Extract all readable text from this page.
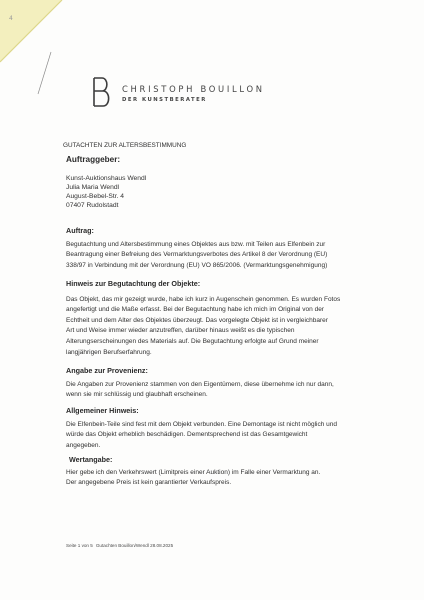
4
CHRISTOPH BOUILLON
DER KUNSTBERATER
GUTACHTEN ZUR ALTERSBESTIMMUNG
Auftraggeber:
Kunst-Auktionshaus Wendl
Julia Maria Wendl
August-Bebel-Str. 4
07407 Rudolstadt
Auftrag:
Begutachtung und Altersbestimmung eines Objektes aus bzw. mit Teilen aus Elfenbein zur
Beantragung einer Befreiung des Vermarktungsverbotes des Artikel 8 der Verordnung (EU)
338/97 in Verbindung mit der Verordnung (EU) VO 865/2006. (Vermarktungsgenehmigung)
Hinweis zur Begutachtung der Objekte:
Das Objekt, das mir gezeigt wurde, habe ich kurz in Augenschein genommen. Es wurden Fotos
angefertigt und die Maße erfasst. Bei der Begutachtung habe ich mich im Original von der
Echtheit und dem Alter des Objektes überzeugt. Das vorgelegte Objekt ist in vergleichbarer
Art und Weise immer wieder anzutreffen, darüber hinaus weißt es die typischen
Alterungserscheinungen des Materials auf. Die Begutachtung erfolgte auf Grund meiner
langjährigen Berufserfahrung.
Angabe zur Provenienz:
Die Angaben zur Provenienz stammen von den Eigentümern, diese übernehme ich nur dann,
wenn sie mir schlüssig und glaubhaft erscheinen.
Allgemeiner Hinweis:
Die Elfenbein-Teile sind fest mit dem Objekt verbunden. Eine Demontage ist nicht möglich und
würde das Objekt erheblich beschädigen. Dementsprechend ist das Gesamtgewicht
angegeben.
Wertangabe:
Hier gebe ich den Verkehrswert (Limitpreis einer Auktion) im Falle einer Vermarktung an.
Der angegebene Preis ist kein garantierter Verkaufspreis.
Seite 1 von 5 Gutachten Bouillon/Wendl 28.08.2025
